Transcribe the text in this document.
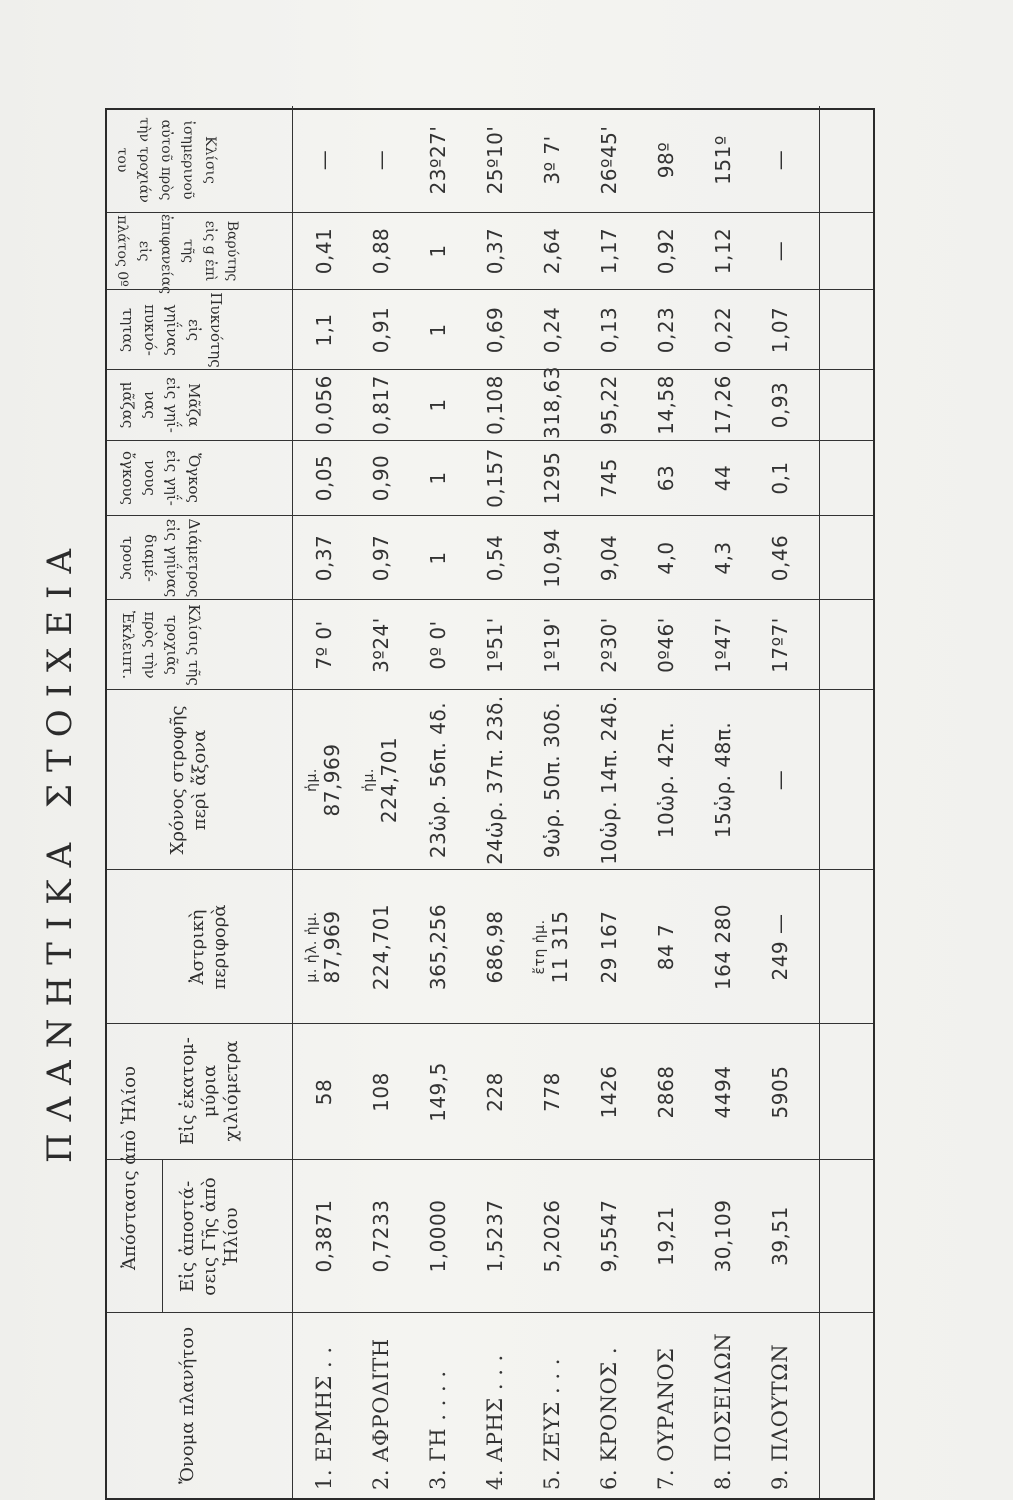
ΠΛΑΝΗΤΙΚΑ ΣΤΟΙΧΕΙΑ
Ὄνομα πλανήτου
Ἀπόστασις ἀπὸ Ἡλίου Εἰς ἀποστά- σεις Γῆς ἀπὸ Ἡλίου
Εἰς ἑκατομ- μύρια χιλιόμετρα
Ἀστρικὴ περιφορὰ
Χρόνος στροφῆς περὶ ἄξονα
Κλίσις τῆς τροχιᾶς πρὸς τὴν Ἐκλειπτ.
Διάμετρος εἰς γηΐνας διαμέ- τρους
Ὄγκος εἰς γηΐ- νους ὄγκους
Μᾶζα εἰς γηΐ- νας μᾶζας
Πυκνότης εἰς γηΐνας πυκνό- τητας
Βαρύτης εἰς g ἐπὶ τῆς ἐπιφανείας εἰς πλάτος 0º
Κλίσις ἰσημερινοῦ αὐτοῦ πρὸς τὴν τροχιάν του
1. ΕΡΜΗΣ . .
0,3871
58
μ. ἡλ. ἡμ. 87,969
ἡμ. 87,969
7º 0'
0,37
0,05
0,056
1,1
0,41
—
2. ΑΦΡΟΔΙΤΗ
0,7233
108
224,701
ἡμ. 224,701
3º24'
0,97
0,90
0,817
0,91
0,88
—
3. ΓΗ . . . .
1,0000
149,5
365,256
23ὡρ. 56π. 4δ.
0º 0'
1
1
1
1
1
23º27'
4. ΑΡΗΣ . . .
1,5237
228
686,98
24ὡρ. 37π. 23δ.
1º51'
0,54
0,157
0,108
0,69
0,37
25º10'
5. ΖΕΥΣ . . .
5,2026
778
ἔτη ἡμ. 11 315
9ὡρ. 50π. 30δ.
1º19'
10,94
1295
318,63
0,24
2,64
3º 7'
6. ΚΡΟΝΟΣ .
9,5547
1426
29 167
10ὡρ. 14π. 24δ.
2º30'
9,04
745
95,22
0,13
1,17
26º45'
7. ΟΥΡΑΝΟΣ
19,21
2868
84 7
10ὡρ. 42π.
0º46'
4,0
63
14,58
0,23
0,92
98º
8. ΠΟΣΕΙΔΩΝ
30,109
4494
164 280
15ὡρ. 48π.
1º47'
4,3
44
17,26
0,22
1,12
151º
9. ΠΛΟΥΤΩΝ
39,51
5905
249 —
—
17º7'
0,46
0,1
0,93
1,07
—
—
